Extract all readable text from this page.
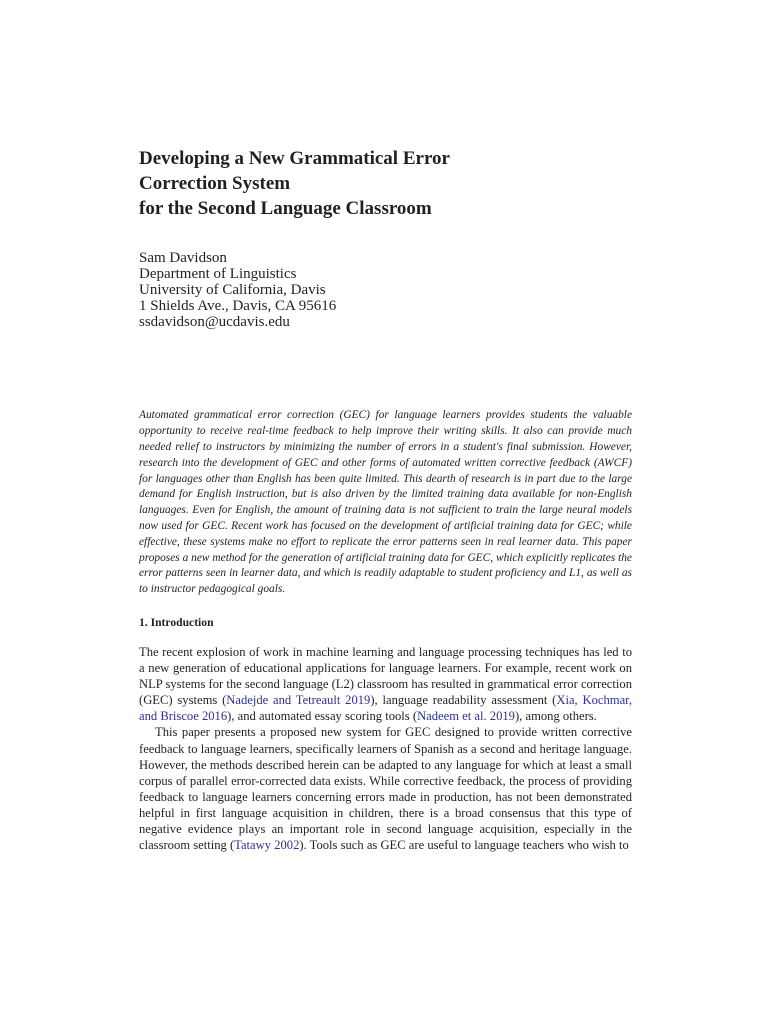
Developing a New Grammatical Error
Correction System
for the Second Language Classroom
Sam Davidson
Department of Linguistics
University of California, Davis
1 Shields Ave., Davis, CA 95616
ssdavidson@ucdavis.edu

Automated grammatical error correction (GEC) for language learners provides students the valuable opportunity to receive real-time feedback to help improve their writing skills. It also can provide much needed relief to instructors by minimizing the number of errors in a student's final submission. However, research into the development of GEC and other forms of automated written corrective feedback (AWCF) for languages other than English has been quite limited. This dearth of research is in part due to the large demand for English instruction, but is also driven by the limited training data available for non-English languages. Even for English, the amount of training data is not sufficient to train the large neural models now used for GEC. Recent work has focused on the development of artificial training data for GEC; while effective, these systems make no effort to replicate the error patterns seen in real learner data. This paper proposes a new method for the generation of artificial training data for GEC, which explicitly replicates the error patterns seen in learner data, and which is readily adaptable to student proficiency and L1, as well as to instructor pedagogical goals.

1. Introduction

The recent explosion of work in machine learning and language processing techniques has led to a new generation of educational applications for language learners. For example, recent work on NLP systems for the second language (L2) classroom has resulted in grammatical error correction (GEC) systems (Nadejde and Tetreault 2019), language readability assessment (Xia, Kochmar, and Briscoe 2016), and automated essay scoring tools (Nadeem et al. 2019), among others.

This paper presents a proposed new system for GEC designed to provide written corrective feedback to language learners, specifically learners of Spanish as a second and heritage language. However, the methods described herein can be adapted to any language for which at least a small corpus of parallel error-corrected data exists. While corrective feedback, the process of providing feedback to language learners concerning errors made in production, has not been demonstrated helpful in first language acquisition in children, there is a broad consensus that this type of negative evidence plays an important role in second language acquisition, especially in the classroom setting (Tatawy 2002). Tools such as GEC are useful to language teachers who wish to
